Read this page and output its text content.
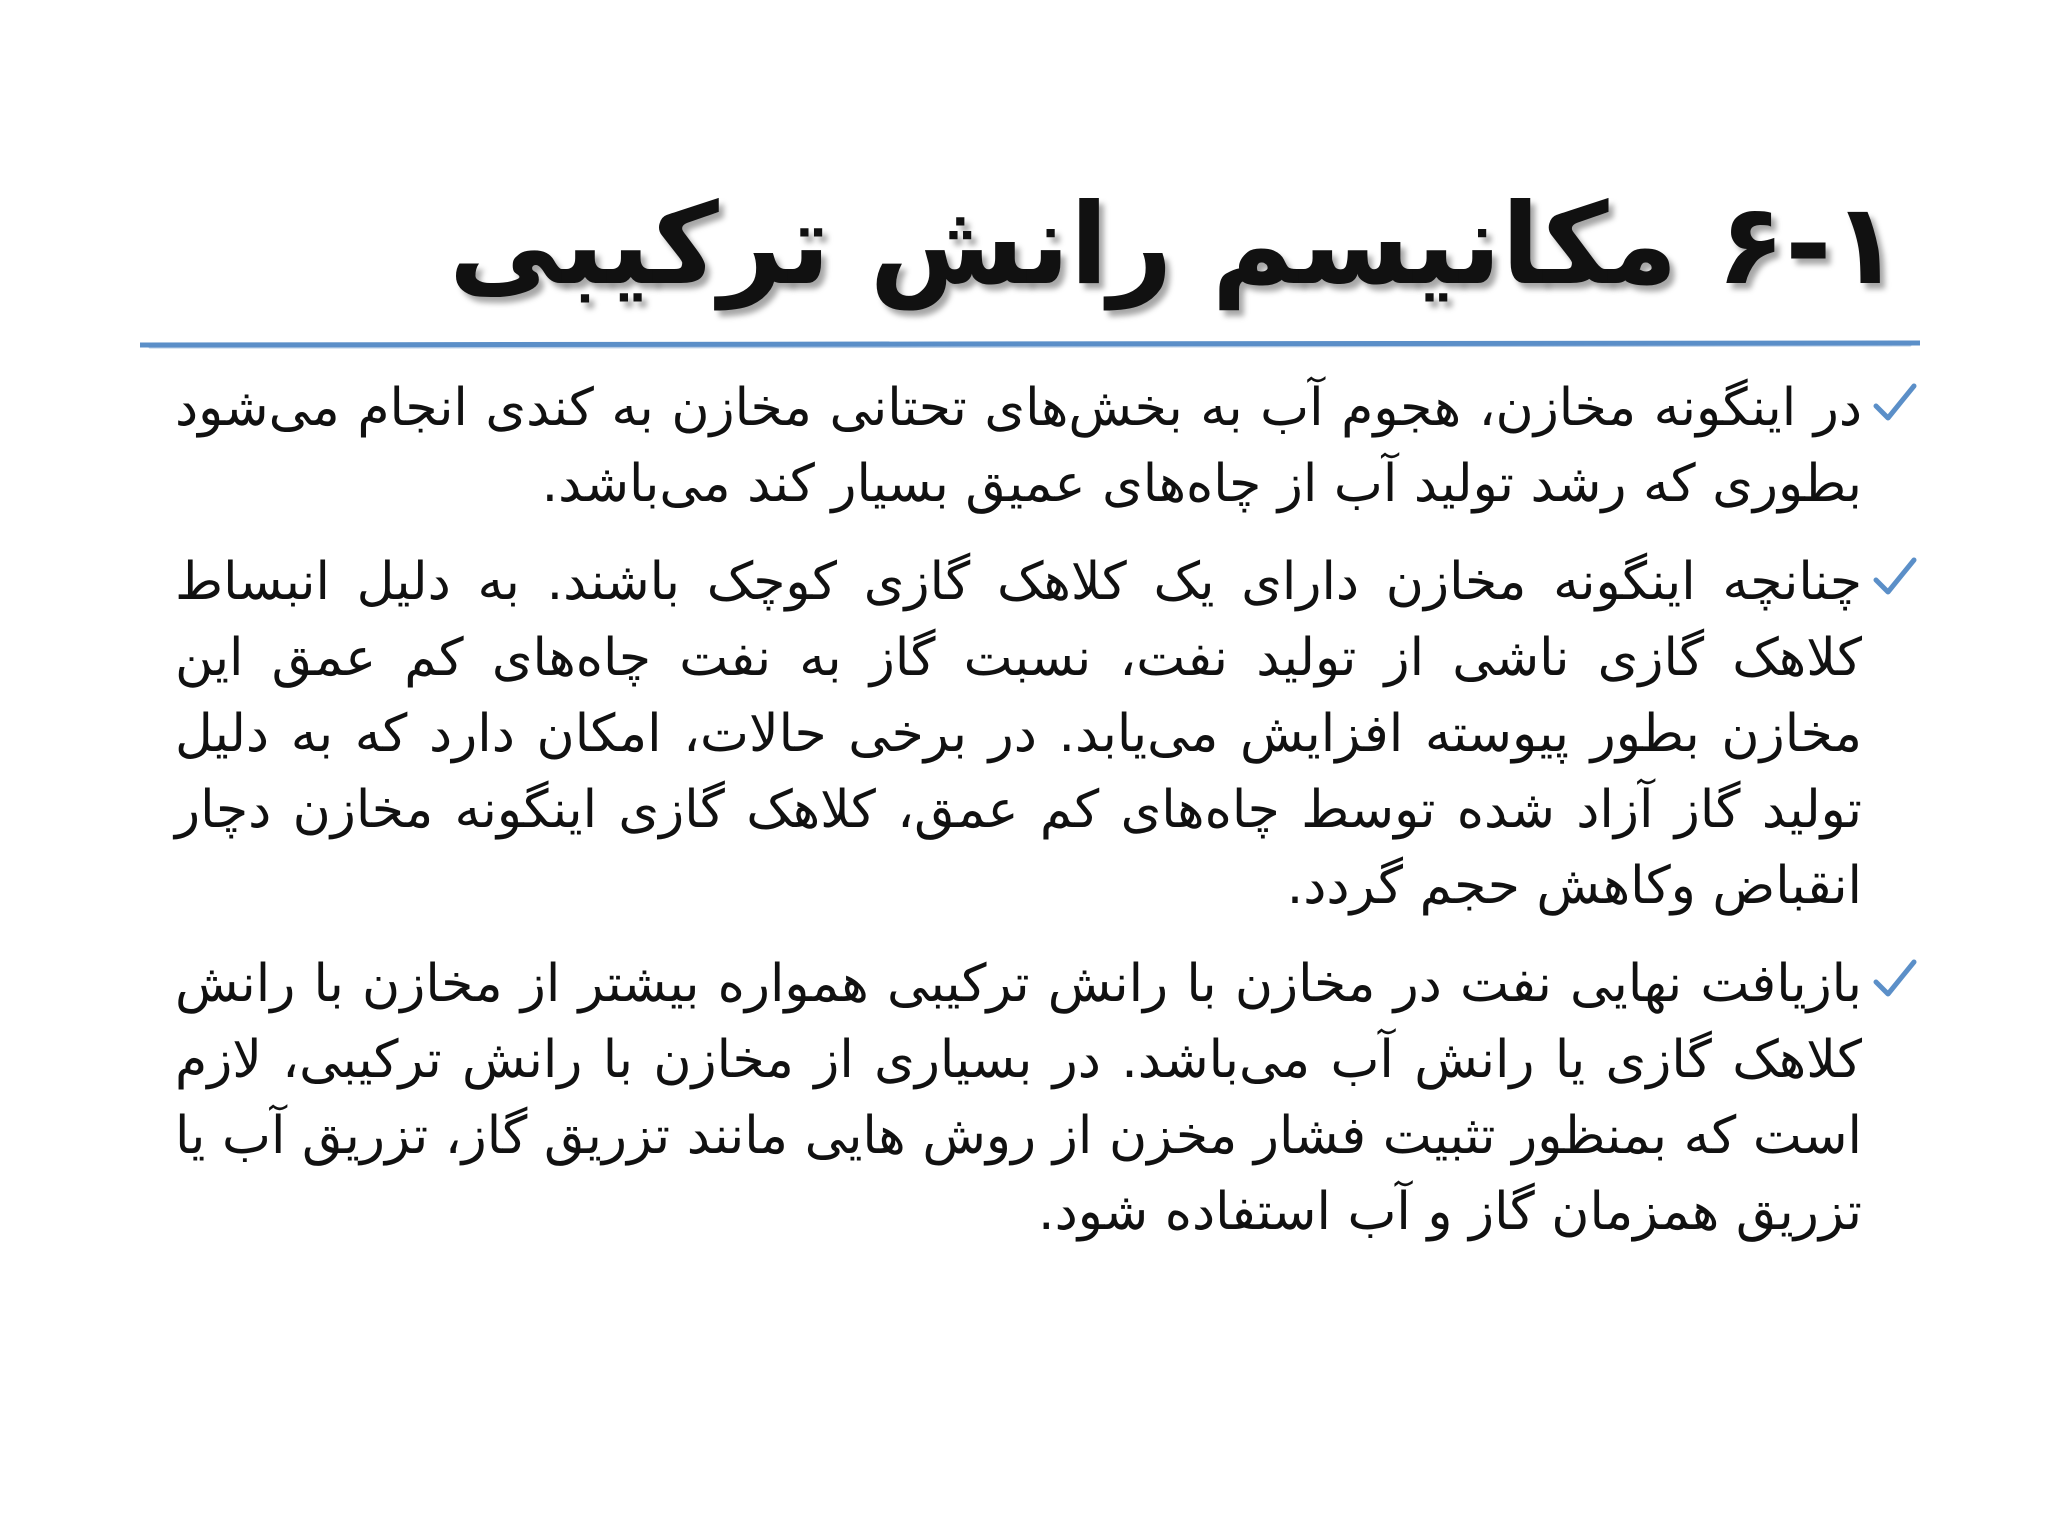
۶-۱ مکانیسم رانش ترکیبی

در اینگونه مخازن، هجوم آب به بخش‌های تحتانی مخازن به کندی انجام می‌شود بطوری که رشد تولید آب از چاه‌های عمیق بسیار کند می‌باشد.

چنانچه اینگونه مخازن دارای یک کلاهک گازی کوچک باشند. به دلیل انبساط کلاهک گازی ناشی از تولید نفت، نسبت گاز به نفت چاه‌های کم عمق این مخازن بطور پیوسته افزایش می‌یابد. در برخی حالات، امکان دارد که به دلیل تولید گاز آزاد شده توسط چاه‌های کم عمق، کلاهک گازی اینگونه مخازن دچار انقباض وکاهش حجم گردد.

بازیافت نهایی نفت در مخازن با رانش ترکیبی همواره بیشتر از مخازن با رانش کلاهک گازی یا رانش آب می‌باشد. در بسیاری از مخازن با رانش ترکیبی، لازم است که بمنظور تثبیت فشار مخزن از روش هایی مانند تزریق گاز، تزریق آب یا تزریق همزمان گاز و آب استفاده شود.
